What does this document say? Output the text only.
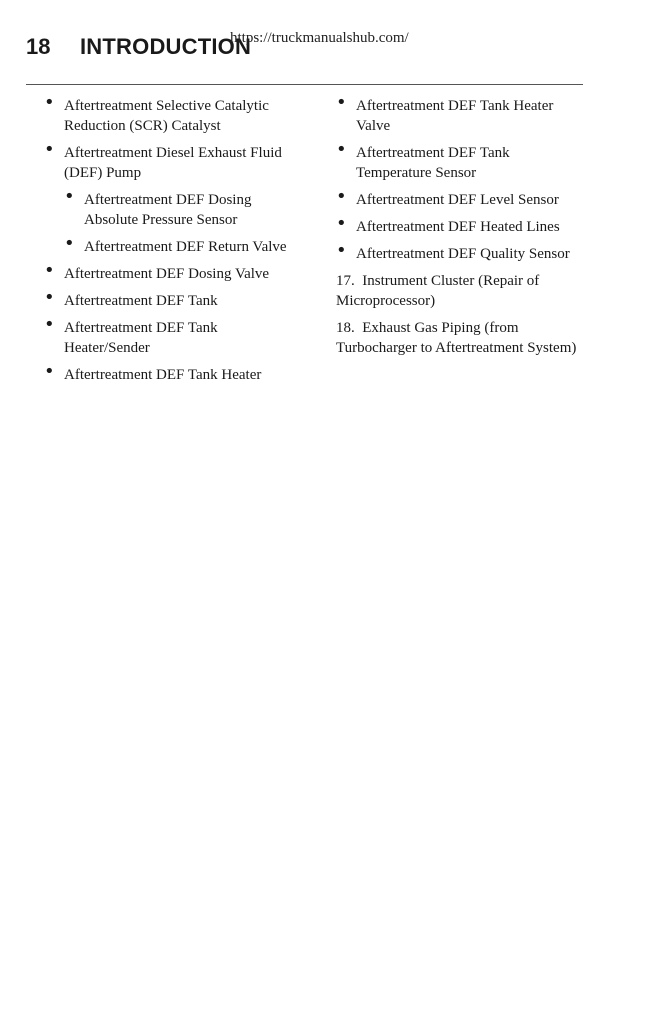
18 INTRODUCTION
https://truckmanualshub.com/
• Aftertreatment Selective Catalytic Reduction (SCR) Catalyst
• Aftertreatment Diesel Exhaust Fluid (DEF) Pump
• Aftertreatment DEF Dosing Absolute Pressure Sensor
• Aftertreatment DEF Return Valve
• Aftertreatment DEF Dosing Valve
• Aftertreatment DEF Tank
• Aftertreatment DEF Tank Heater/Sender
• Aftertreatment DEF Tank Heater
• Aftertreatment DEF Tank Heater Valve
• Aftertreatment DEF Tank Temperature Sensor
• Aftertreatment DEF Level Sensor
• Aftertreatment DEF Heated Lines
• Aftertreatment DEF Quality Sensor
17.  Instrument Cluster (Repair of Microprocessor)
18.  Exhaust Gas Piping (from Turbocharger to Aftertreatment System)
